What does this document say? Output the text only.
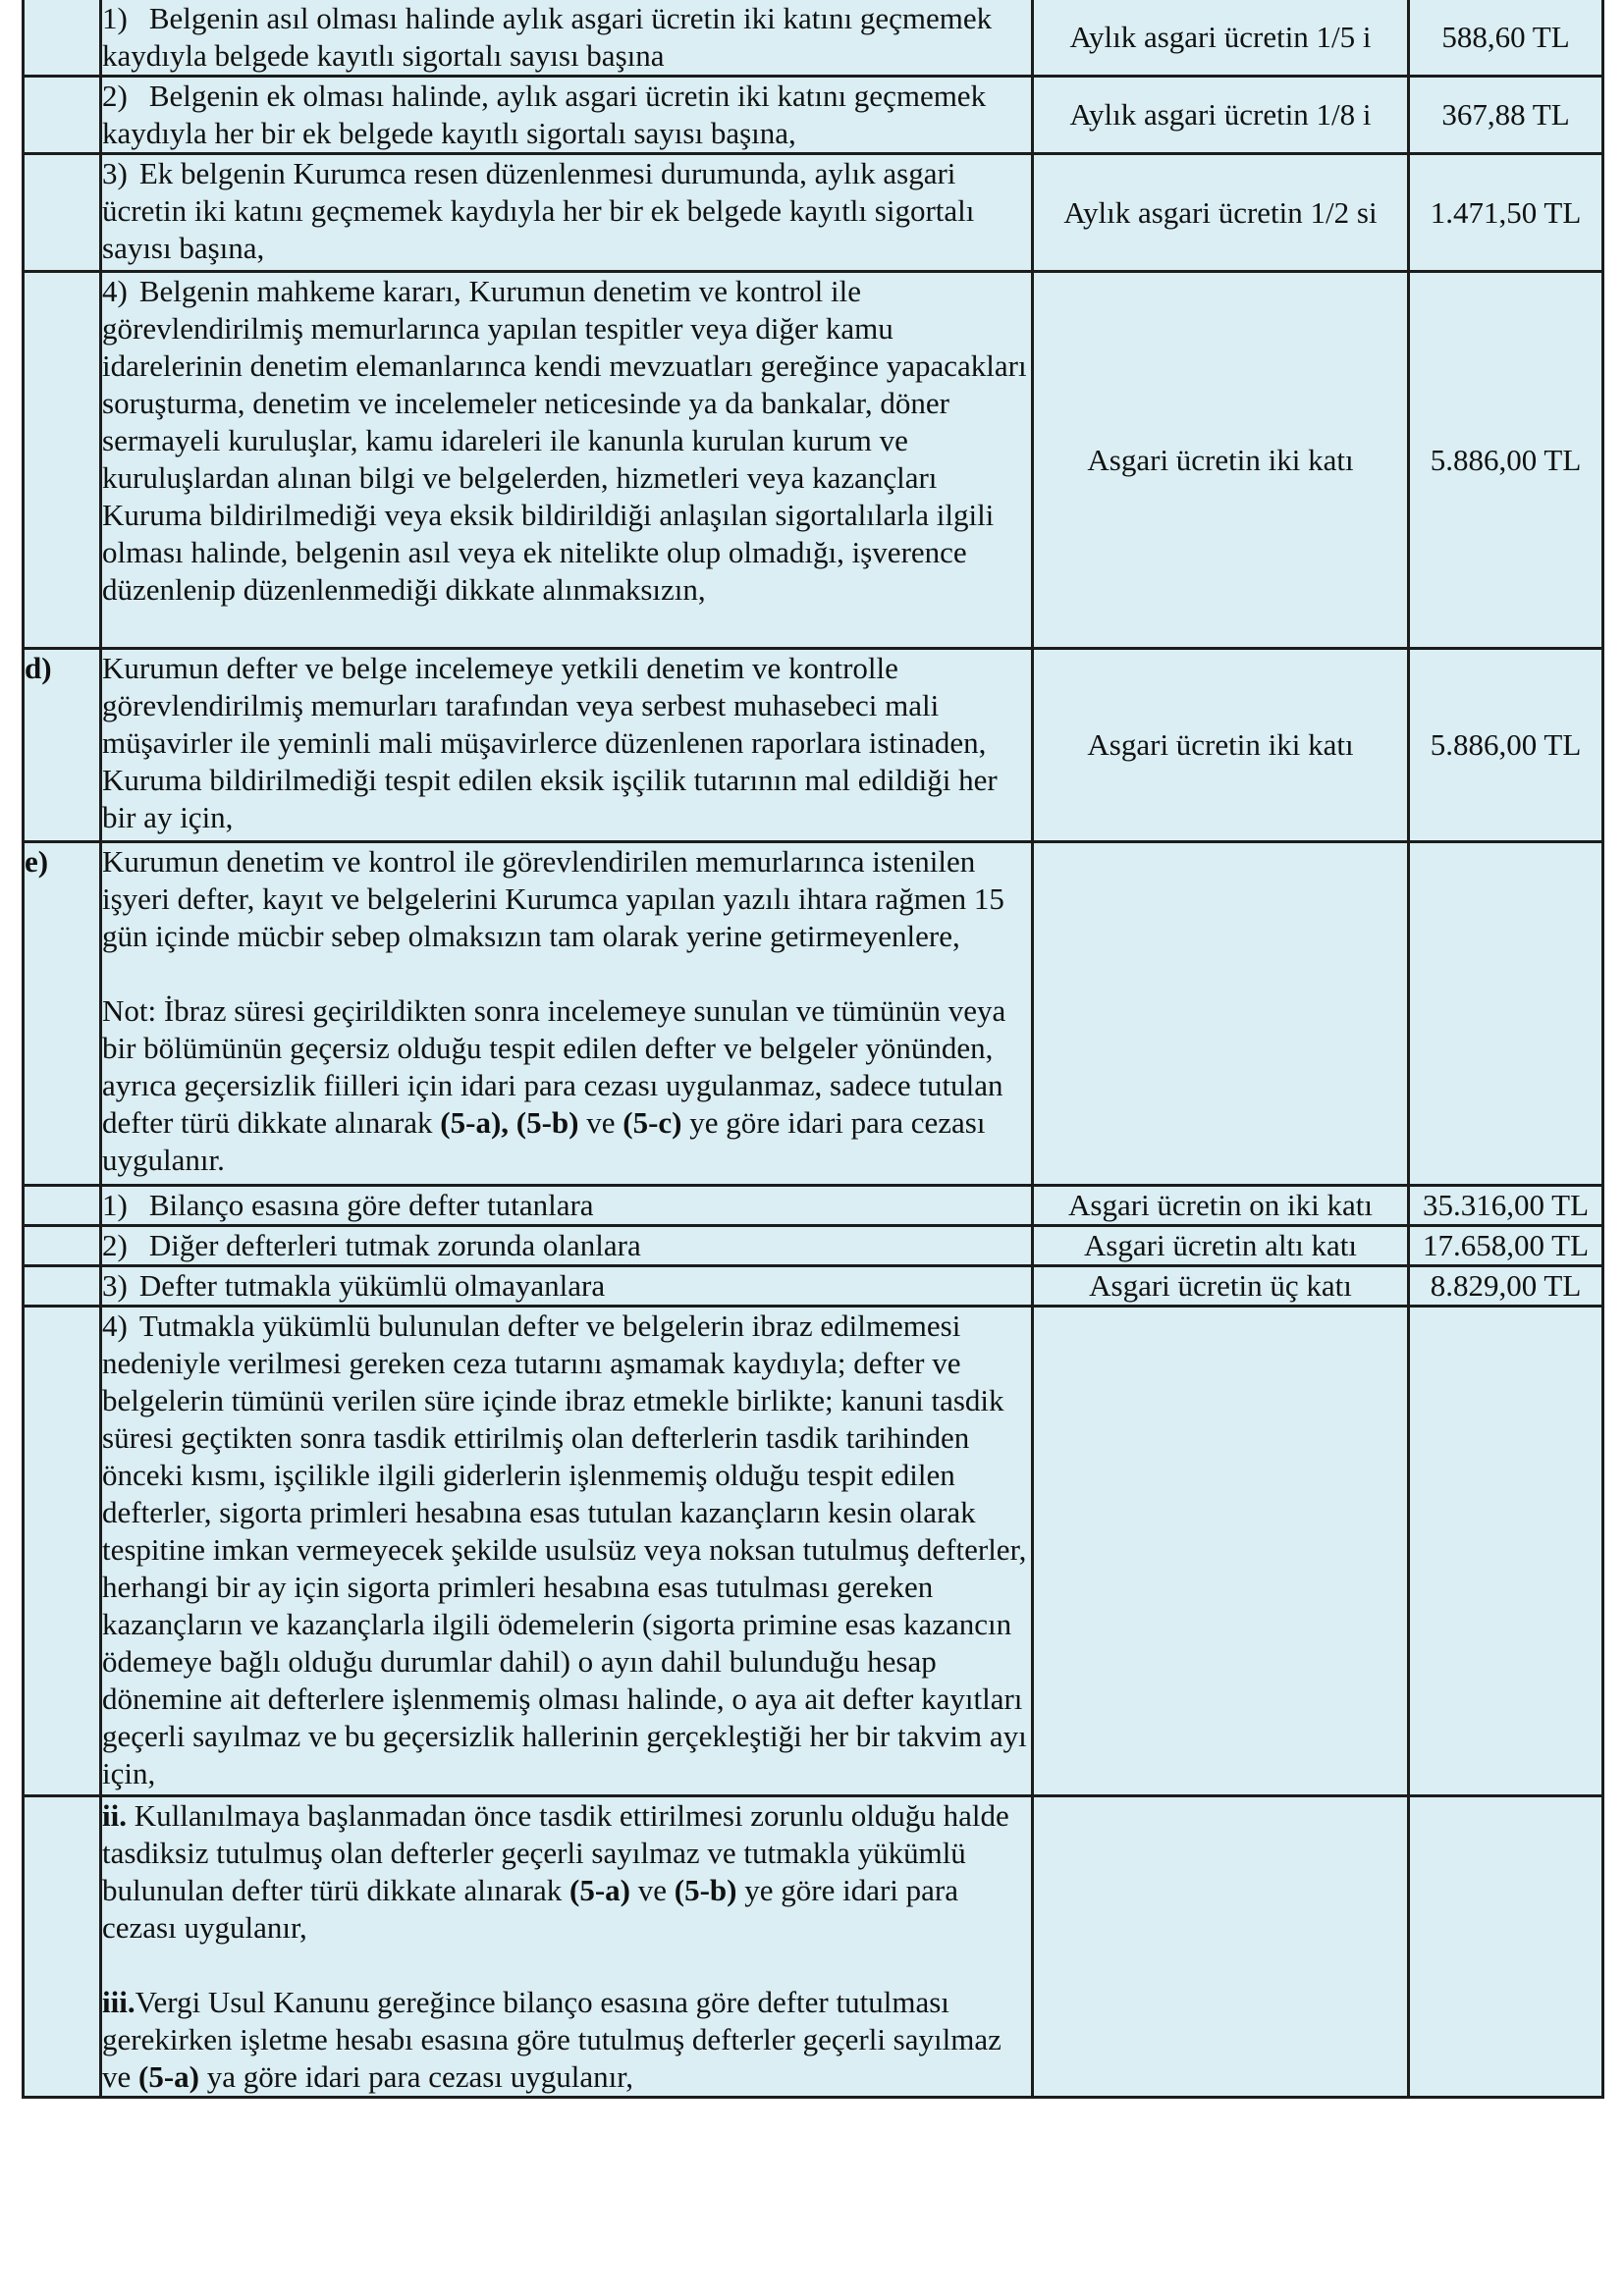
	1) Belgenin asıl olması halinde aylık asgari ücretin iki katını geçmemek kaydıyla belgede kayıtlı sigortalı sayısı başına	Aylık asgari ücretin 1/5 i	588,60 TL
	2) Belgenin ek olması halinde, aylık asgari ücretin iki katını geçmemek kaydıyla her bir ek belgede kayıtlı sigortalı sayısı başına,	Aylık asgari ücretin 1/8 i	367,88 TL
	3) Ek belgenin Kurumca resen düzenlenmesi durumunda, aylık asgari ücretin iki katını geçmemek kaydıyla her bir ek belgede kayıtlı sigortalı sayısı başına,	Aylık asgari ücretin 1/2 si	1.471,50 TL
	4) Belgenin mahkeme kararı, Kurumun denetim ve kontrol ile görevlendirilmiş memurlarınca yapılan tespitler veya diğer kamu idarelerinin denetim elemanlarınca kendi mevzuatları gereğince yapacakları soruşturma, denetim ve incelemeler neticesinde ya da bankalar, döner sermayeli kuruluşlar, kamu idareleri ile kanunla kurulan kurum ve kuruluşlardan alınan bilgi ve belgelerden, hizmetleri veya kazançları Kuruma bildirilmediği veya eksik bildirildiği anlaşılan sigortalılarla ilgili olması halinde, belgenin asıl veya ek nitelikte olup olmadığı, işverence düzenlenip düzenlenmediği dikkate alınmaksızın,	Asgari ücretin iki katı	5.886,00 TL
d)	Kurumun defter ve belge incelemeye yetkili denetim ve kontrolle görevlendirilmiş memurları tarafından veya serbest muhasebeci mali müşavirler ile yeminli mali müşavirlerce düzenlenen raporlara istinaden, Kuruma bildirilmediği tespit edilen eksik işçilik tutarının mal edildiği her bir ay için,	Asgari ücretin iki katı	5.886,00 TL
e)	Kurumun denetim ve kontrol ile görevlendirilen memurlarınca istenilen işyeri defter, kayıt ve belgelerini Kurumca yapılan yazılı ihtara rağmen 15 gün içinde mücbir sebep olmaksızın tam olarak yerine getirmeyenlere,

Not: İbraz süresi geçirildikten sonra incelemeye sunulan ve tümünün veya bir bölümünün geçersiz olduğu tespit edilen defter ve belgeler yönünden, ayrıca geçersizlik fiilleri için idari para cezası uygulanmaz, sadece tutulan defter türü dikkate alınarak (5-a), (5-b) ve (5-c) ye göre idari para cezası uygulanır.		

	1) Bilanço esasına göre defter tutanlara	Asgari ücretin on iki katı	35.316,00 TL
	2) Diğer defterleri tutmak zorunda olanlara	Asgari ücretin altı katı	17.658,00 TL
	3) Defter tutmakla yükümlü olmayanlara	Asgari ücretin üç katı	8.829,00 TL
	4) Tutmakla yükümlü bulunulan defter ve belgelerin ibraz edilmemesi nedeniyle verilmesi gereken ceza tutarını aşmamak kaydıyla; defter ve belgelerin tümünü verilen süre içinde ibraz etmekle birlikte; kanuni tasdik süresi geçtikten sonra tasdik ettirilmiş olan defterlerin tasdik tarihinden önceki kısmı, işçilikle ilgili giderlerin işlenmemiş olduğu tespit edilen defterler, sigorta primleri hesabına esas tutulan kazançların kesin olarak tespitine imkan vermeyecek şekilde usulsüz veya noksan tutulmuş defterler, herhangi bir ay için sigorta primleri hesabına esas tutulması gereken kazançların ve kazançlarla ilgili ödemelerin (sigorta primine esas kazancın ödemeye bağlı olduğu durumlar dahil) o ayın dahil bulunduğu hesap dönemine ait defterlere işlenmemiş olması halinde, o aya ait defter kayıtları geçerli sayılmaz ve bu geçersizlik hallerinin gerçekleştiği her bir takvim ayı için,		

	ii. Kullanılmaya başlanmadan önce tasdik ettirilmesi zorunlu olduğu halde tasdiksiz tutulmuş olan defterler geçerli sayılmaz ve tutmakla yükümlü bulunulan defter türü dikkate alınarak (5-a) ve (5-b) ye göre idari para cezası uygulanır,

iii.Vergi Usul Kanunu gereğince bilanço esasına göre defter tutulması gerekirken işletme hesabı esasına göre tutulmuş defterler geçerli sayılmaz ve (5-a) ya göre idari para cezası uygulanır,		
